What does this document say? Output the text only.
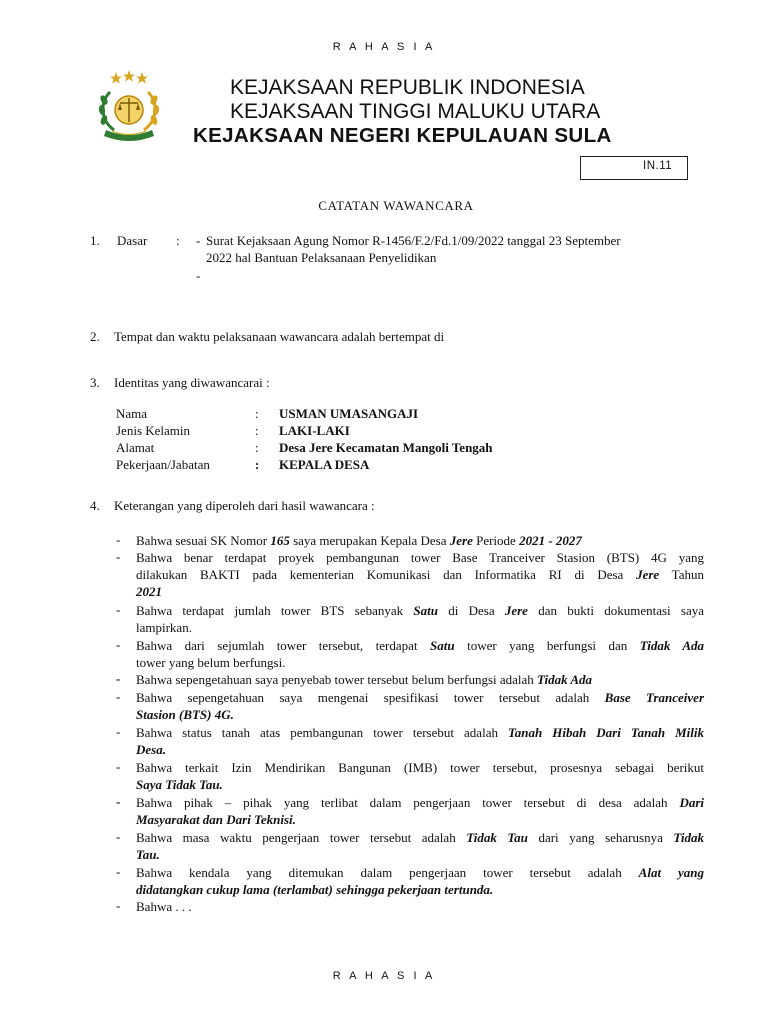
R A H A S I A
KEJAKSAAN REPUBLIK INDONESIA
KEJAKSAAN TINGGI MALUKU UTARA
KEJAKSAAN NEGERI KEPULAUAN SULA
IN.11
CATATAN WAWANCARA
1. Dasar : - Surat Kejaksaan Agung Nomor R-1456/F.2/Fd.1/09/2022 tanggal 23 September
2022 hal Bantuan Pelaksanaan Penyelidikan
-
2. Tempat dan waktu pelaksanaan wawancara adalah bertempat di
3. Identitas yang diwawancarai :
Nama	: USMAN UMASANGAJI
Jenis Kelamin	: LAKI-LAKI
Alamat	: Desa Jere Kecamatan Mangoli Tengah
Pekerjaan/Jabatan	: KEPALA DESA
4. Keterangan yang diperoleh dari hasil wawancara :
- Bahwa sesuai SK Nomor 165 saya merupakan Kepala Desa Jere Periode 2021 - 2027
- Bahwa benar terdapat proyek pembangunan tower Base Tranceiver Stasion (BTS) 4G yang
dilakukan BAKTI pada kementerian Komunikasi dan Informatika RI di Desa Jere Tahun
2021
- Bahwa terdapat jumlah tower BTS sebanyak Satu di Desa Jere dan bukti dokumentasi saya
lampirkan.
- Bahwa dari sejumlah tower tersebut, terdapat Satu tower yang berfungsi dan Tidak Ada
tower yang belum berfungsi.
- Bahwa sepengetahuan saya penyebab tower tersebut belum berfungsi adalah Tidak Ada
- Bahwa sepengetahuan saya mengenai spesifikasi tower tersebut adalah Base Tranceiver
Stasion (BTS) 4G.
- Bahwa status tanah atas pembangunan tower tersebut adalah Tanah Hibah Dari Tanah Milik
Desa.
- Bahwa terkait Izin Mendirikan Bangunan (IMB) tower tersebut, prosesnya sebagai berikut
Saya Tidak Tau.
- Bahwa pihak – pihak yang terlibat dalam pengerjaan tower tersebut di desa adalah Dari
Masyarakat dan Dari Teknisi.
- Bahwa masa waktu pengerjaan tower tersebut adalah Tidak Tau dari yang seharusnya Tidak
Tau.
- Bahwa kendala yang ditemukan dalam pengerjaan tower tersebut adalah Alat yang
didatangkan cukup lama (terlambat) sehingga pekerjaan tertunda.
- Bahwa . . .
R A H A S I A
